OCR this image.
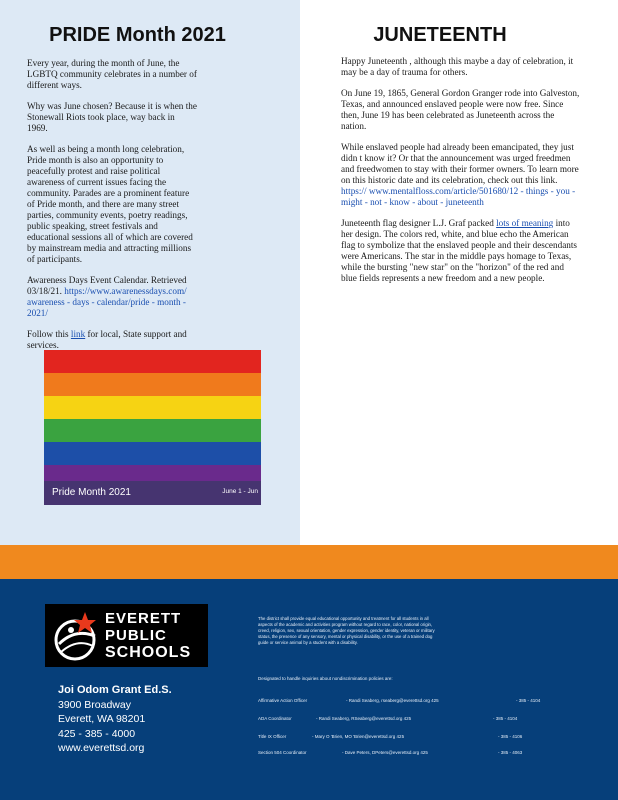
PRIDE Month 2021

Every year, during the month of June, the LGBTQ community celebrates in a number of different ways.

Why was June chosen? Because it is when the Stonewall Riots took place, way back in 1969.

As well as being a month long celebration, Pride month is also an opportunity to peacefully protest and raise political awareness of current issues facing the community. Parades are a prominent feature of Pride month, and there are many street parties, community events, poetry readings, public speaking, street festivals and educational sessions all of which are covered by mainstream media and attracting millions of participants.

Awareness Days Event Calendar. Retrieved 03/18/21. https://www.awarenessdays.com/ awareness - days - calendar/pride - month - 2021/

Follow this link for local, State support and services.

Pride Month 2021	June 1 - Jun
JUNETEENTH

Happy Juneteenth , although this maybe a day of celebration, it may be a day of trauma for others.

On June 19, 1865, General Gordon Granger rode into Galveston, Texas, and announced enslaved people were now free. Since then, June 19 has been celebrated as Juneteenth across the nation.

While enslaved people had already been emancipated, they just didn t know it? Or that the announcement was urged freedmen and freedwomen to stay with their former owners. To learn more on this historic date and its celebration, check out this link. https:// www.mentalfloss.com/article/501680/12 - things - you - might - not - know - about - juneteenth

Juneteenth flag designer L.J. Graf packed lots of meaning into her design. The colors red, white, and blue echo the American flag to symbolize that the enslaved people and their descendants were Americans. The star in the middle pays homage to Texas, while the bursting "new star" on the "horizon" of the red and blue fields represents a new freedom and a new people.

EVERETT
PUBLIC
SCHOOLS
Joi Odom Grant Ed.S.
3900 Broadway
Everett, WA 98201
425 - 385 - 4000
www.everettsd.org
The district shall provide equal educational opportunity and treatment for all students in all aspects of the academic and activities program without regard to race, color, national origin, creed, religion, sex, sexual orientation, gender expression, gender identity, veteran or military status, the presence of any sensory, mental or physical disability, or the use of a trained dog guide or service animal by a student with a disability.
Designated to handle inquiries about nondiscrimination policies are:
Affirmative Action Officer	- Randi Seaberg, rseaberg@everettsd.org 425	- 385 - 4104
ADA Coordinator	- Randi Seaberg, RSeaberg@everettsd.org 425	- 385 - 4104
Title IX Officer	- Mary O 'Brien, MO 'Brien@everettsd.org 425	- 385 - 4106
Section 504 Coordinator	- Dave Peters, DPeters@everettsd.org 425	- 385 - 4063
